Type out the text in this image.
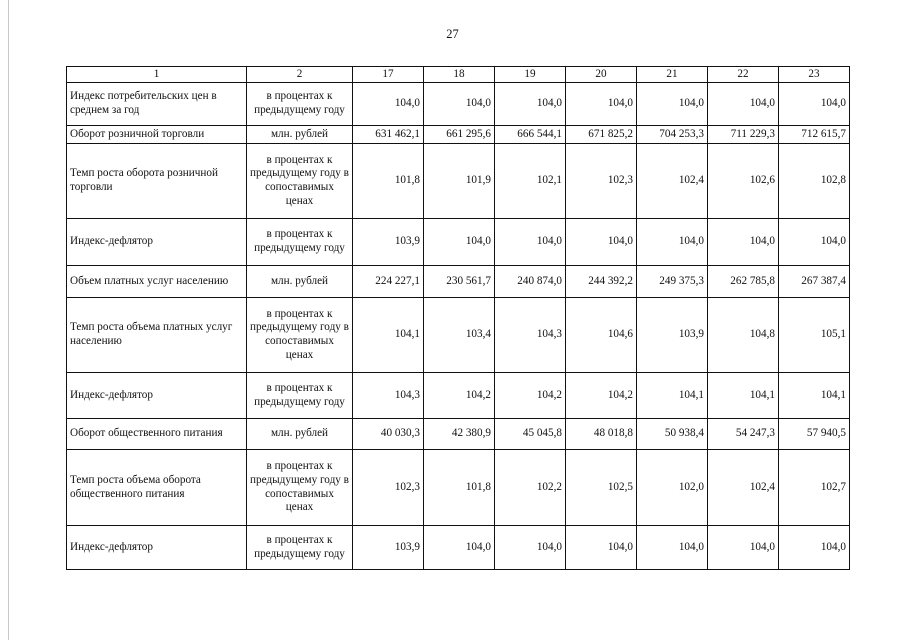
27
1	2	17	18	19	20	21	22	23
Индекс потребительских цен в среднем за год	в процентах к предыдущему году	104,0	104,0	104,0	104,0	104,0	104,0	104,0
Оборот розничной торговли	млн. рублей	631 462,1	661 295,6	666 544,1	671 825,2	704 253,3	711 229,3	712 615,7
Темп роста оборота розничной торговли	в процентах к предыдущему году в сопоставимых ценах	101,8	101,9	102,1	102,3	102,4	102,6	102,8
Индекс-дефлятор	в процентах к предыдущему году	103,9	104,0	104,0	104,0	104,0	104,0	104,0
Объем платных услуг населению	млн. рублей	224 227,1	230 561,7	240 874,0	244 392,2	249 375,3	262 785,8	267 387,4
Темп роста объема платных услуг населению	в процентах к предыдущему году в сопоставимых ценах	104,1	103,4	104,3	104,6	103,9	104,8	105,1
Индекс-дефлятор	в процентах к предыдущему году	104,3	104,2	104,2	104,2	104,1	104,1	104,1
Оборот общественного питания	млн. рублей	40 030,3	42 380,9	45 045,8	48 018,8	50 938,4	54 247,3	57 940,5
Темп роста объема оборота общественного питания	в процентах к предыдущему году в сопоставимых ценах	102,3	101,8	102,2	102,5	102,0	102,4	102,7
Индекс-дефлятор	в процентах к предыдущему году	103,9	104,0	104,0	104,0	104,0	104,0	104,0
